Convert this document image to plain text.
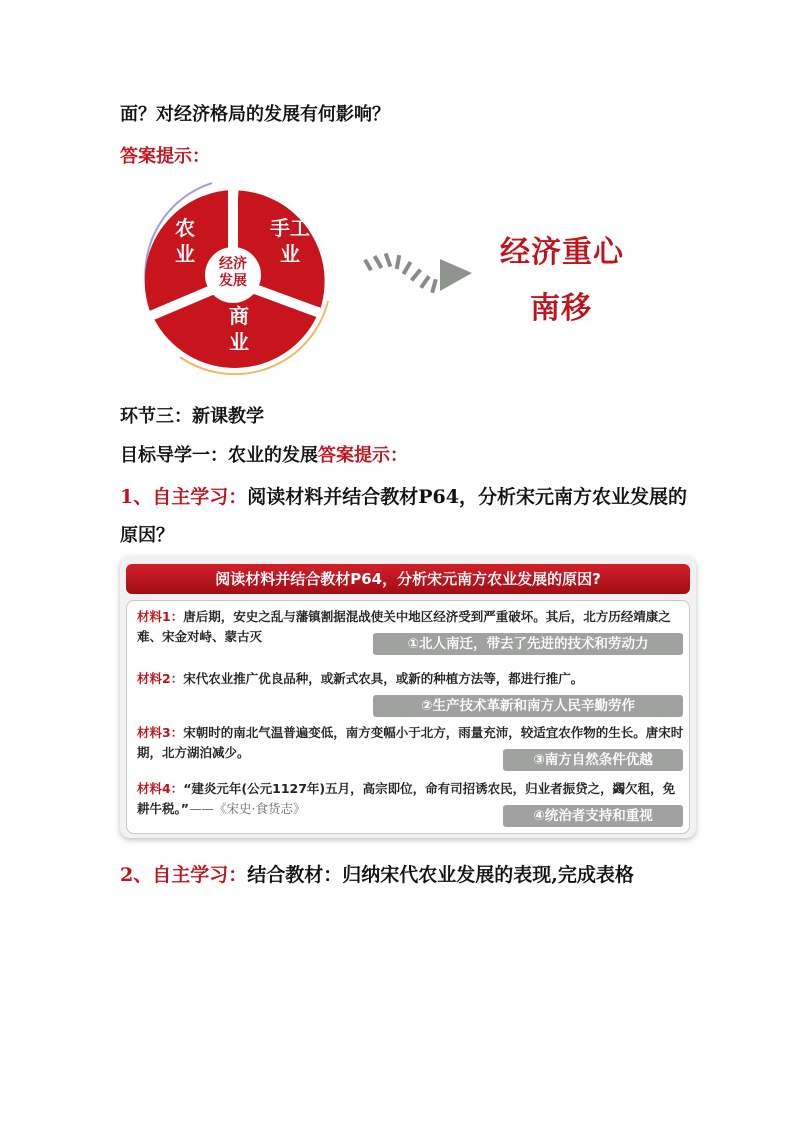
面？对经济格局的发展有何影响？
答案提示：
农
业
手工
业
商
业
经济
发展
经济重心
南移
环节三：新课教学
目标导学一：农业的发展答案提示：
1、自主学习：阅读材料并结合教材P64，分析宋元南方农业发展的
原因？
阅读材料并结合教材P64，分析宋元南方农业发展的原因?
材料1：唐后期，安史之乱与藩镇割据混战使关中地区经济受到严重破坏。其后，北方历经靖康之难、宋金对峙、蒙古灭
材料2：宋代农业推广优良品种，或新式农具，或新的种植方法等，都进行推广。
材料3：宋朝时的南北气温普遍变低，南方变幅小于北方，雨量充沛，较适宜农作物的生长。唐宋时期，北方湖泊减少。
材料4：“建炎元年(公元1127年)五月，高宗即位，命有司招诱农民，归业者振贷之，蠲欠租，免耕牛税。”——《宋史·食货志》
①北人南迁，带去了先进的技术和劳动力
②生产技术革新和南方人民辛勤劳作
③南方自然条件优越
④统治者支持和重视
2、自主学习：结合教材：归纳宋代农业发展的表现,完成表格
